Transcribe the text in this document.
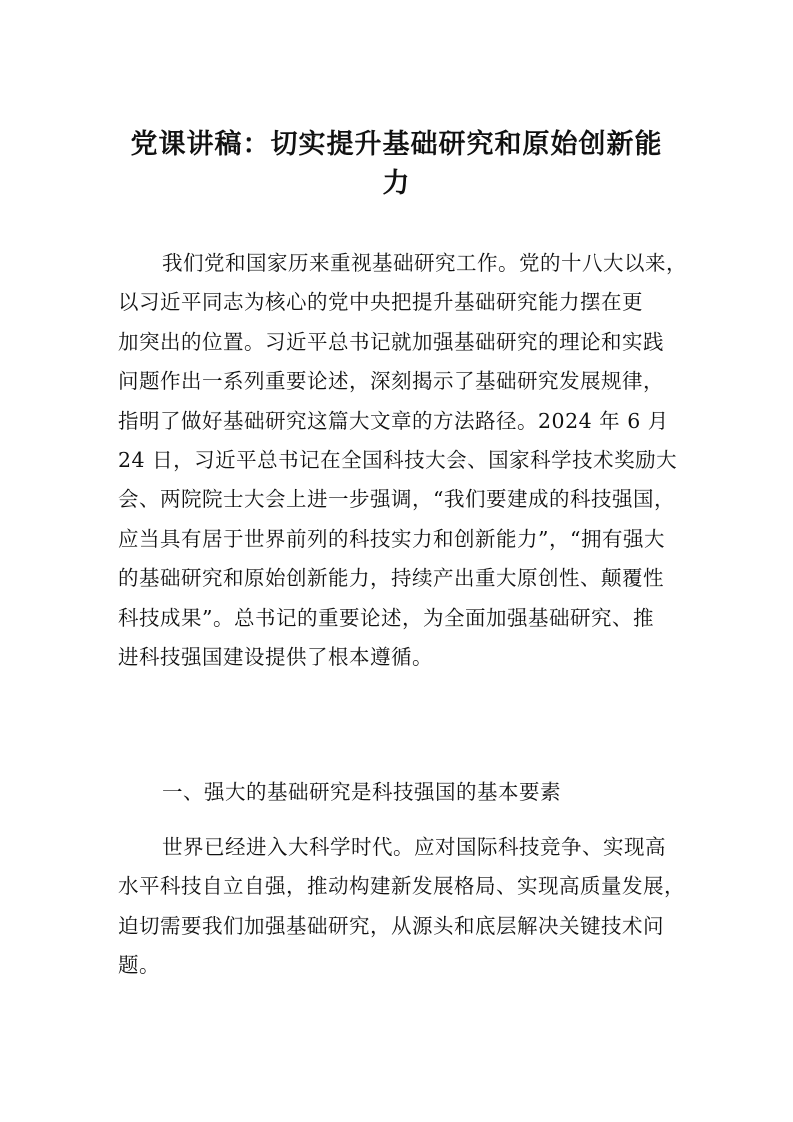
党课讲稿：切实提升基础研究和原始创新能
力
我们党和国家历来重视基础研究工作。党的十八大以来，
以习近平同志为核心的党中央把提升基础研究能力摆在更
加突出的位置。习近平总书记就加强基础研究的理论和实践
问题作出一系列重要论述，深刻揭示了基础研究发展规律，
指明了做好基础研究这篇大文章的方法路径。2024 年 6 月
24 日，习近平总书记在全国科技大会、国家科学技术奖励大
会、两院院士大会上进一步强调，“我们要建成的科技强国，
应当具有居于世界前列的科技实力和创新能力”，“拥有强大
的基础研究和原始创新能力，持续产出重大原创性、颠覆性
科技成果”。总书记的重要论述，为全面加强基础研究、推
进科技强国建设提供了根本遵循。
一、强大的基础研究是科技强国的基本要素
世界已经进入大科学时代。应对国际科技竞争、实现高
水平科技自立自强，推动构建新发展格局、实现高质量发展，
迫切需要我们加强基础研究，从源头和底层解决关键技术问
题。
